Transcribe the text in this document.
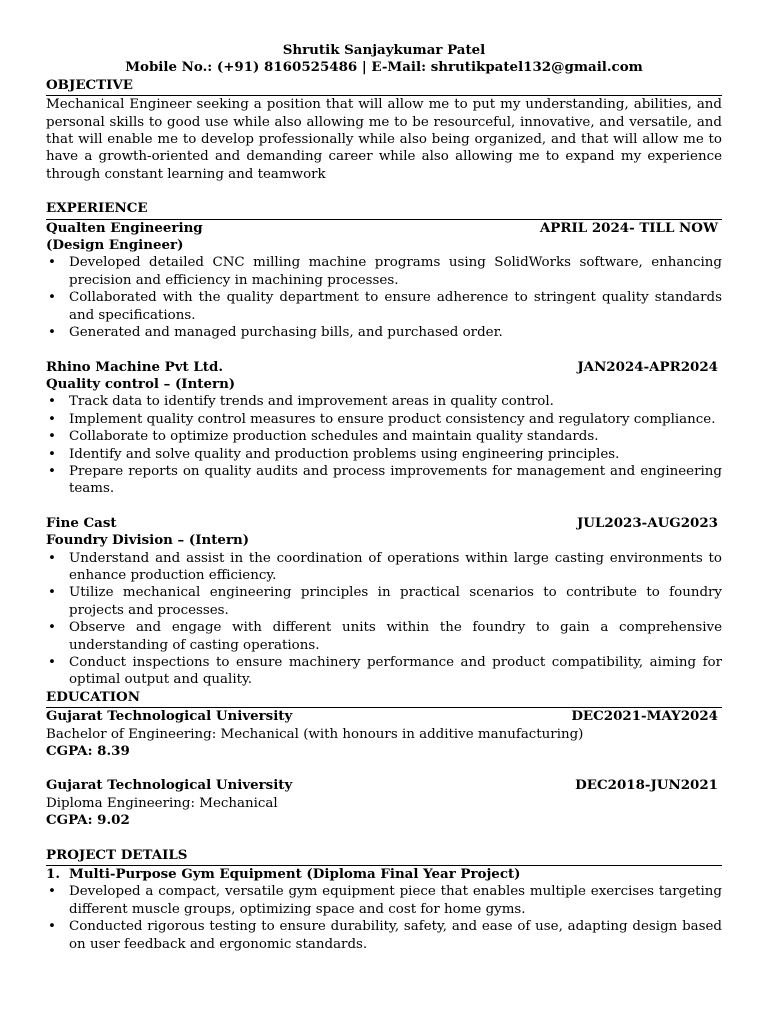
Shrutik Sanjaykumar Patel
Mobile No.: (+91) 8160525486 | E-Mail: shrutikpatel132@gmail.com
OBJECTIVE
Mechanical Engineer seeking a position that will allow me to put my understanding, abilities, and personal skills to good use while also allowing me to be resourceful, innovative, and versatile, and that will enable me to develop professionally while also being organized, and that will allow me to have a growth-oriented and demanding career while also allowing me to expand my experience through constant learning and teamwork
EXPERIENCE
Qualten Engineering	APRIL 2024- TILL NOW
(Design Engineer)
• Developed detailed CNC milling machine programs using SolidWorks software, enhancing precision and efficiency in machining processes.
• Collaborated with the quality department to ensure adherence to stringent quality standards and specifications.
• Generated and managed purchasing bills, and purchased order.
Rhino Machine Pvt Ltd.	JAN2024-APR2024
Quality control – (Intern)
• Track data to identify trends and improvement areas in quality control.
• Implement quality control measures to ensure product consistency and regulatory compliance.
• Collaborate to optimize production schedules and maintain quality standards.
• Identify and solve quality and production problems using engineering principles.
• Prepare reports on quality audits and process improvements for management and engineering teams.
Fine Cast	JUL2023-AUG2023
Foundry Division – (Intern)
• Understand and assist in the coordination of operations within large casting environments to enhance production efficiency.
• Utilize mechanical engineering principles in practical scenarios to contribute to foundry projects and processes.
• Observe and engage with different units within the foundry to gain a comprehensive understanding of casting operations.
• Conduct inspections to ensure machinery performance and product compatibility, aiming for optimal output and quality.
EDUCATION
Gujarat Technological University	DEC2021-MAY2024
Bachelor of Engineering: Mechanical (with honours in additive manufacturing)
CGPA: 8.39
Gujarat Technological University	DEC2018-JUN2021
Diploma Engineering: Mechanical
CGPA: 9.02
PROJECT DETAILS
1. Multi-Purpose Gym Equipment (Diploma Final Year Project)
• Developed a compact, versatile gym equipment piece that enables multiple exercises targeting different muscle groups, optimizing space and cost for home gyms.
• Conducted rigorous testing to ensure durability, safety, and ease of use, adapting design based on user feedback and ergonomic standards.
